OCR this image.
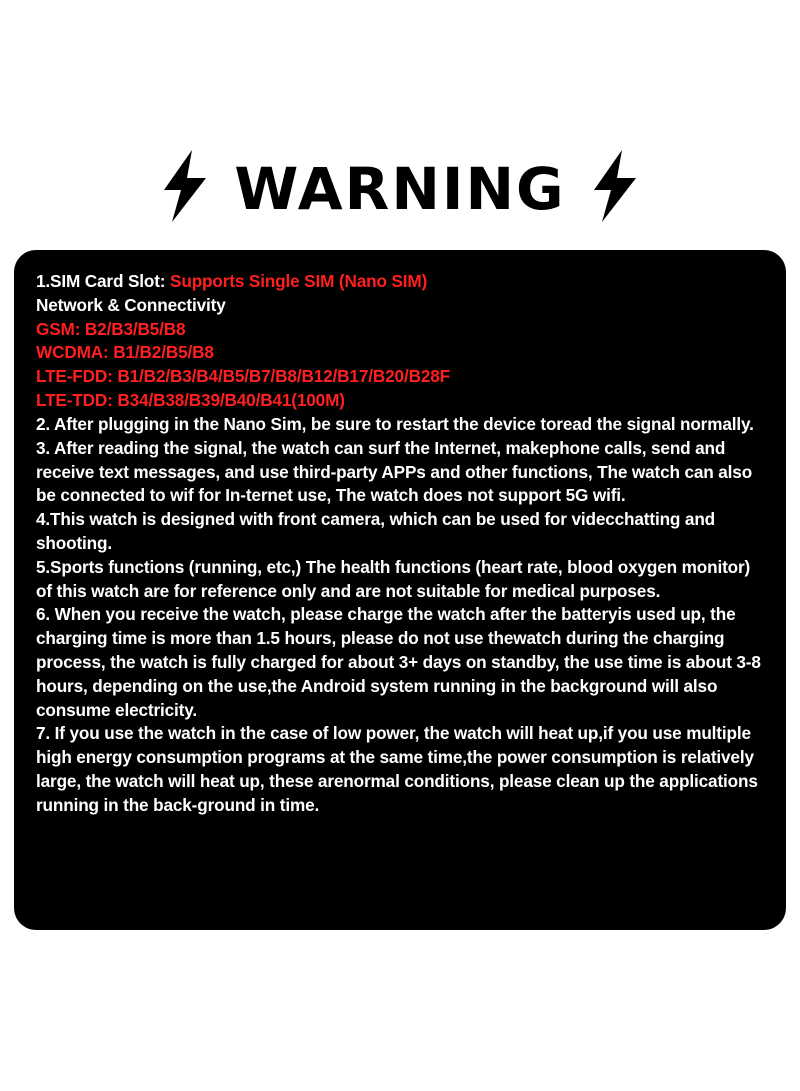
WARNING
1.SIM Card Slot: Supports Single SIM (Nano SIM)
Network & Connectivity
GSM: B2/B3/B5/B8
WCDMA: B1/B2/B5/B8
LTE-FDD: B1/B2/B3/B4/B5/B7/B8/B12/B17/B20/B28F
LTE-TDD: B34/B38/B39/B40/B41(100M)
2. After plugging in the Nano Sim, be sure to restart the device toread the signal normally.
3. After reading the signal, the watch can surf the Internet, makephone calls, send and receive text messages, and use third-party APPs and other functions, The watch can also be connected to wif for In-ternet use, The watch does not support 5G wifi.
4.This watch is designed with front camera, which can be used for videcchatting and shooting.
5.Sports functions (running, etc,) The health functions (heart rate, blood oxygen monitor) of this watch are for reference only and are not suitable for medical purposes.
6. When you receive the watch, please charge the watch after the batteryis used up, the charging time is more than 1.5 hours, please do not use thewatch during the charging process, the watch is fully charged for about 3+ days on standby, the use time is about 3-8 hours, depending on the use,the Android system running in the background will also consume electricity.
7. If you use the watch in the case of low power, the watch will heat up,if you use multiple high energy consumption programs at the same time,the power consumption is relatively large, the watch will heat up, these arenormal conditions, please clean up the applications running in the back-ground in time.
